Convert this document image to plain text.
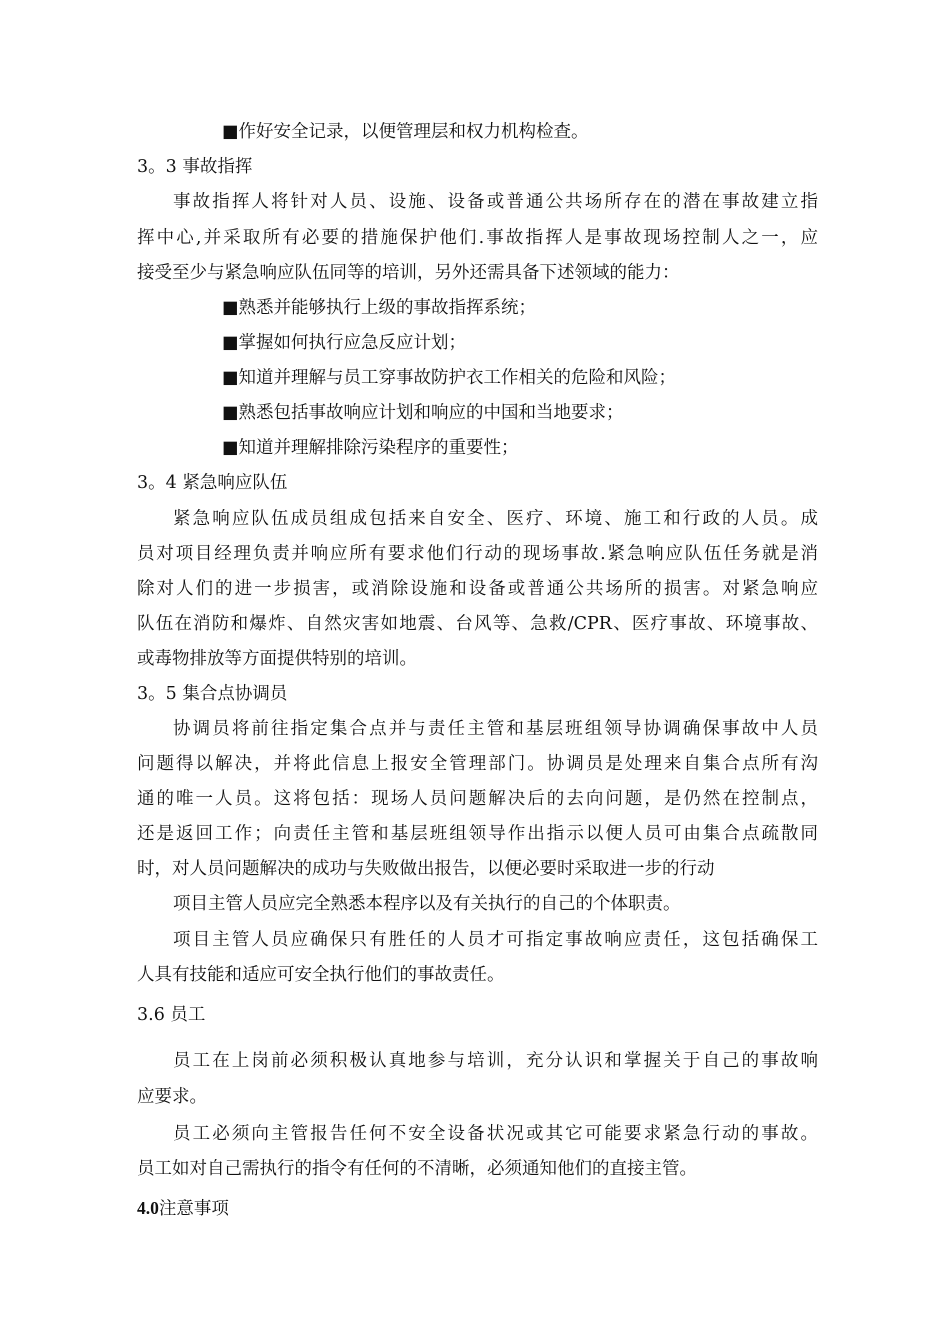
■作好安全记录，以便管理层和权力机构检查。
3。3 事故指挥
事故指挥人将针对人员、设施、设备或普通公共场所存在的潜在事故建立指
挥中心,并采取所有必要的措施保护他们.事故指挥人是事故现场控制人之一，应
接受至少与紧急响应队伍同等的培训，另外还需具备下述领域的能力：
■熟悉并能够执行上级的事故指挥系统；
■掌握如何执行应急反应计划；
■知道并理解与员工穿事故防护衣工作相关的危险和风险；
■熟悉包括事故响应计划和响应的中国和当地要求；
■知道并理解排除污染程序的重要性；
3。4 紧急响应队伍
紧急响应队伍成员组成包括来自安全、医疗、环境、施工和行政的人员。成
员对项目经理负责并响应所有要求他们行动的现场事故.紧急响应队伍任务就是消
除对人们的进一步损害，或消除设施和设备或普通公共场所的损害。对紧急响应
队伍在消防和爆炸、自然灾害如地震、台风等、急救/CPR、医疗事故、环境事故、
或毒物排放等方面提供特别的培训。
3。5 集合点协调员
协调员将前往指定集合点并与责任主管和基层班组领导协调确保事故中人员
问题得以解决，并将此信息上报安全管理部门。协调员是处理来自集合点所有沟
通的唯一人员。这将包括：现场人员问题解决后的去向问题，是仍然在控制点，
还是返回工作；向责任主管和基层班组领导作出指示以便人员可由集合点疏散同
时，对人员问题解决的成功与失败做出报告，以便必要时采取进一步的行动
项目主管人员应完全熟悉本程序以及有关执行的自己的个体职责。
项目主管人员应确保只有胜任的人员才可指定事故响应责任，这包括确保工
人具有技能和适应可安全执行他们的事故责任。
3.6 员工
员工在上岗前必须积极认真地参与培训，充分认识和掌握关于自己的事故响
应要求。
员工必须向主管报告任何不安全设备状况或其它可能要求紧急行动的事故。
员工如对自己需执行的指令有任何的不清晰，必须通知他们的直接主管。
4.0注意事项
